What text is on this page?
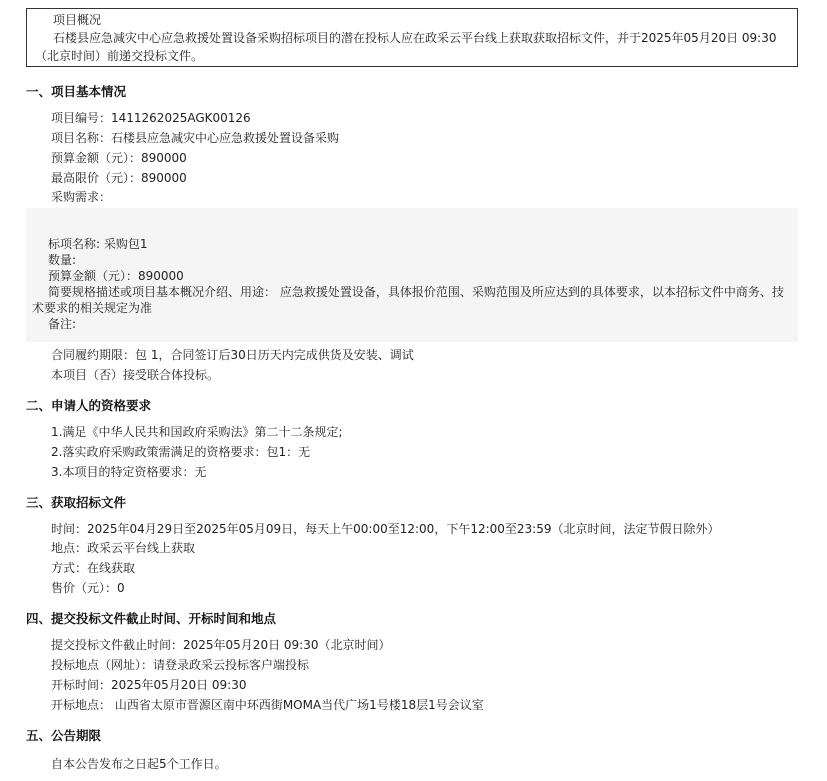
项目概况
石楼县应急减灾中心应急救援处置设备采购招标项目的潜在投标人应在政采云平台线上获取获取招标文件，并于2025年05月20日 09:30（北京时间）前递交投标文件。
一、项目基本情况
项目编号：1411262025AGK00126
项目名称：石楼县应急减灾中心应急救援处置设备采购
预算金额（元）：890000
最高限价（元）：890000
采购需求：
标项名称: 采购包1
数量:
预算金额（元）：890000
简要规格描述或项目基本概况介绍、用途： 应急救援处置设备，具体报价范围、采购范围及所应达到的具体要求，以本招标文件中商务、技术要求的相关规定为准
备注:
合同履约期限：包 1，合同签订后30日历天内完成供货及安装、调试
本项目（否）接受联合体投标。
二、申请人的资格要求
1.满足《中华人民共和国政府采购法》第二十二条规定;
2.落实政府采购政策需满足的资格要求：包1：无
3.本项目的特定资格要求：无
三、获取招标文件
时间：2025年04月29日至2025年05月09日，每天上午00:00至12:00，下午12:00至23:59（北京时间，法定节假日除外）
地点：政采云平台线上获取
方式：在线获取
售价（元）：0
四、提交投标文件截止时间、开标时间和地点
提交投标文件截止时间：2025年05月20日 09:30（北京时间）
投标地点（网址）：请登录政采云投标客户端投标
开标时间：2025年05月20日 09:30
开标地点： 山西省太原市晋源区南中环西街MOMA当代广场1号楼18层1号会议室
五、公告期限
自本公告发布之日起5个工作日。
